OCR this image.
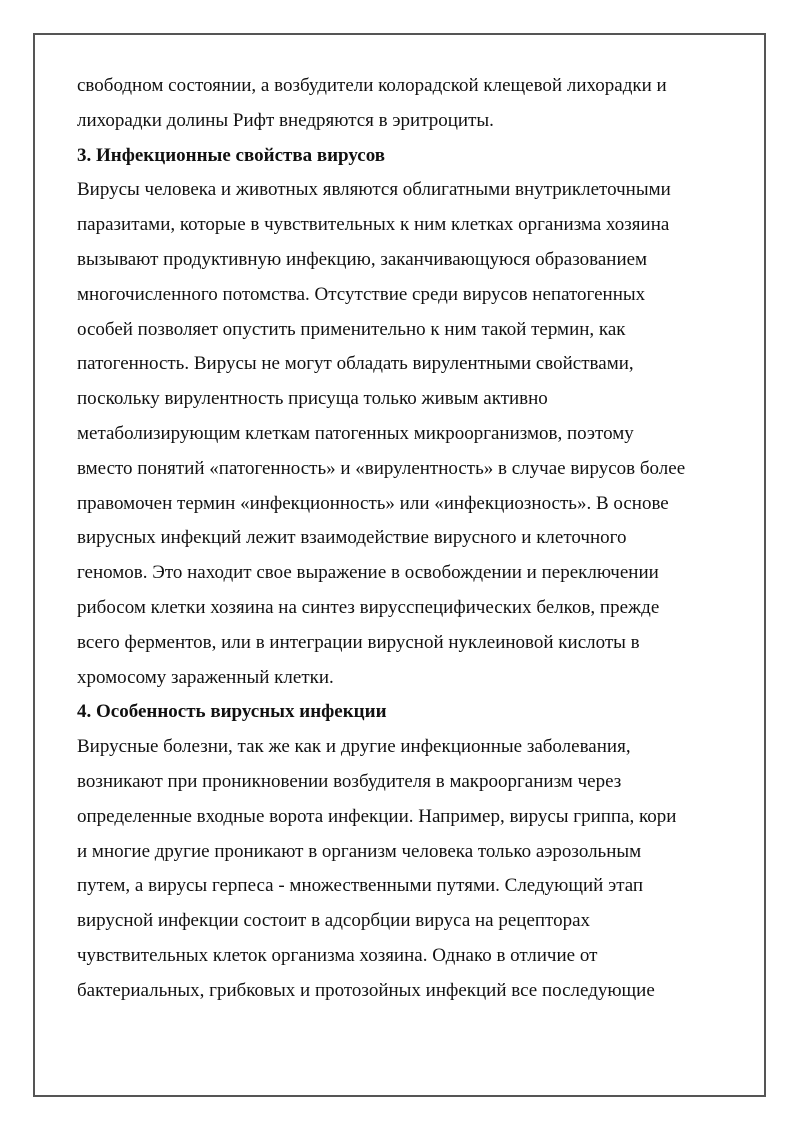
свободном состоянии, а возбудители колорадской клещевой лихорадки и
лихорадки долины Рифт внедряются в эритроциты.
3. Инфекционные свойства вирусов
Вирусы человека и животных являются облигатными внутриклеточными
паразитами, которые в чувствительных к ним клетках организма хозяина
вызывают продуктивную инфекцию, заканчивающуюся образованием
многочисленного потомства. Отсутствие среди вирусов непатогенных
особей позволяет опустить применительно к ним такой термин, как
патогенность. Вирусы не могут обладать вирулентными свойствами,
поскольку вирулентность присуща только живым активно
метаболизирующим клеткам патогенных микроорганизмов, поэтому
вместо понятий «патогенность» и «вирулентность» в случае вирусов более
правомочен термин «инфекционность» или «инфекциозность». В основе
вирусных инфекций лежит взаимодействие вирусного и клеточного
геномов. Это находит свое выражение в освобождении и переключении
рибосом клетки хозяина на синтез вирусспецифических белков, прежде
всего ферментов, или в интеграции вирусной нуклеиновой кислоты в
хромосому зараженный клетки.
4. Особенность вирусных инфекции
Вирусные болезни, так же как и другие инфекционные заболевания,
возникают при проникновении возбудителя в макроорганизм через
определенные входные ворота инфекции. Например, вирусы гриппа, кори
и многие другие проникают в организм человека только аэрозольным
путем, а вирусы герпеса - множественными путями. Следующий этап
вирусной инфекции состоит в адсорбции вируса на рецепторах
чувствительных клеток организма хозяина. Однако в отличие от
бактериальных, грибковых и протозойных инфекций все последующие
